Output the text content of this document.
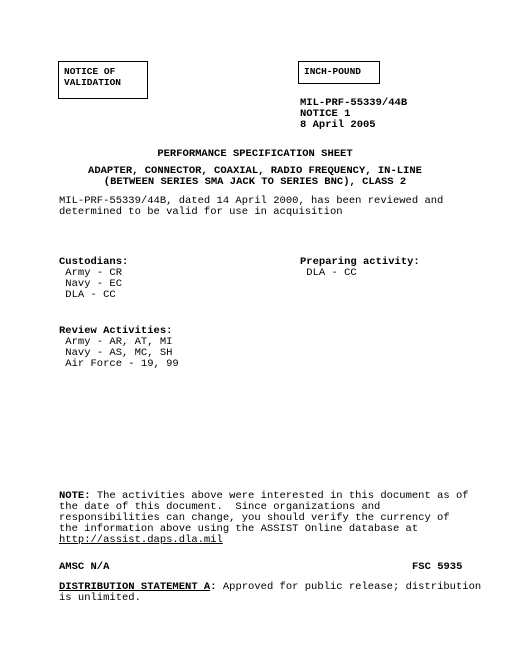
NOTICE OF
VALIDATION
INCH-POUND
MIL-PRF-55339/44B
NOTICE 1
8 April 2005
PERFORMANCE SPECIFICATION SHEET
ADAPTER, CONNECTOR, COAXIAL, RADIO FREQUENCY, IN-LINE
(BETWEEN SERIES SMA JACK TO SERIES BNC), CLASS 2
MIL-PRF-55339/44B, dated 14 April 2000, has been reviewed and
determined to be valid for use in acquisition
Custodians:
Army - CR
Navy - EC
DLA - CC
Preparing activity:
DLA - CC
Review Activities:
Army - AR, AT, MI
Navy - AS, MC, SH
Air Force - 19, 99
NOTE: The activities above were interested in this document as of
the date of this document.  Since organizations and
responsibilities can change, you should verify the currency of
the information above using the ASSIST Online database at
http://assist.daps.dla.mil
AMSC N/A	FSC 5935
DISTRIBUTION STATEMENT A: Approved for public release; distribution
is unlimited.
